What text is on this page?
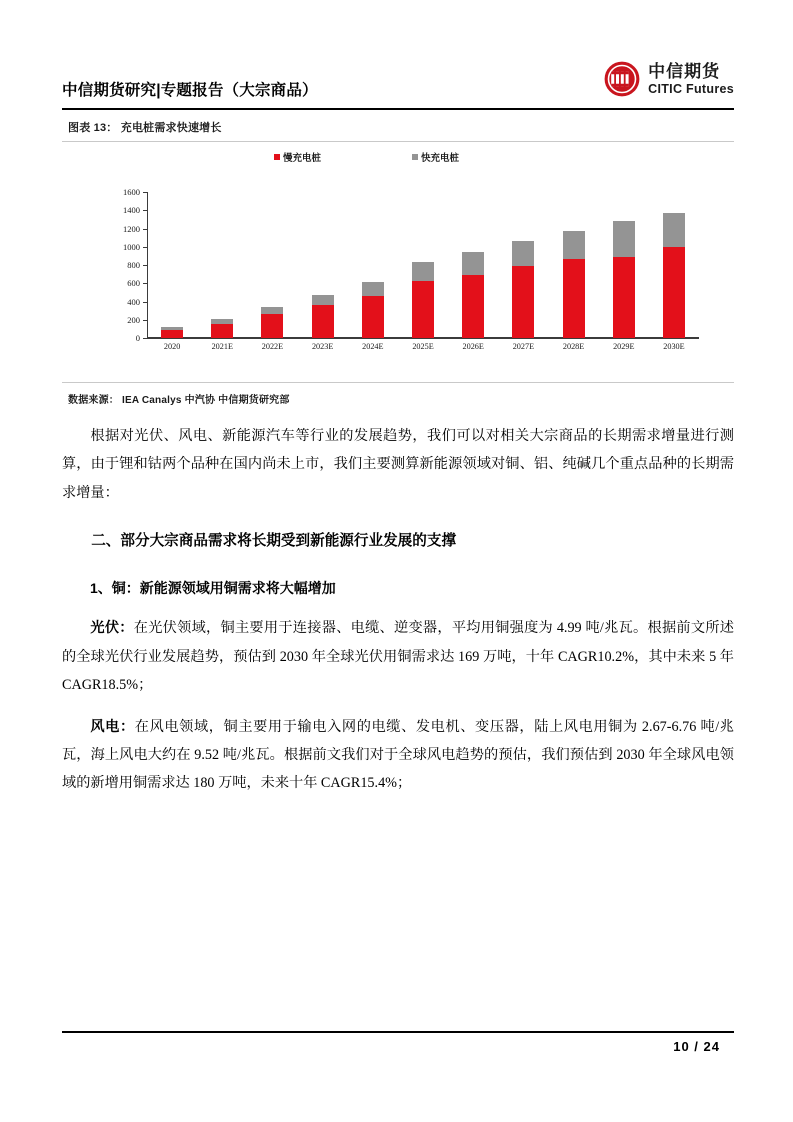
中信期货研究|专题报告（大宗商品）
中信期货
CITIC Futures
图表 13： 充电桩需求快速增长
慢充电桩	快充电桩
0
200
400
600
800
1000
1200
1400
1600
2020	2021E	2022E	2023E	2024E	2025E	2026E	2027E	2028E	2029E	2030E
数据来源： IEA Canalys 中汽协 中信期货研究部

根据对光伏、风电、新能源汽车等行业的发展趋势，我们可以对相关大宗商品的长期需求增量进行测算，由于锂和钴两个品种在国内尚未上市，我们主要测算新能源领域对铜、铝、纯碱几个重点品种的长期需求增量：

二、部分大宗商品需求将长期受到新能源行业发展的支撑
1、铜：新能源领域用铜需求将大幅增加

光伏：在光伏领域，铜主要用于连接器、电缆、逆变器，平均用铜强度为 4.99 吨/兆瓦。根据前文所述的全球光伏行业发展趋势，预估到 2030 年全球光伏用铜需求达 169 万吨，十年 CAGR10.2%，其中未来 5 年 CAGR18.5%；

风电：在风电领域，铜主要用于输电入网的电缆、发电机、变压器，陆上风电用铜为 2.67-6.76 吨/兆瓦，海上风电大约在 9.52 吨/兆瓦。根据前文我们对于全球风电趋势的预估，我们预估到 2030 年全球风电领域的新增用铜需求达 180 万吨，未来十年 CAGR15.4%；

10 / 24
